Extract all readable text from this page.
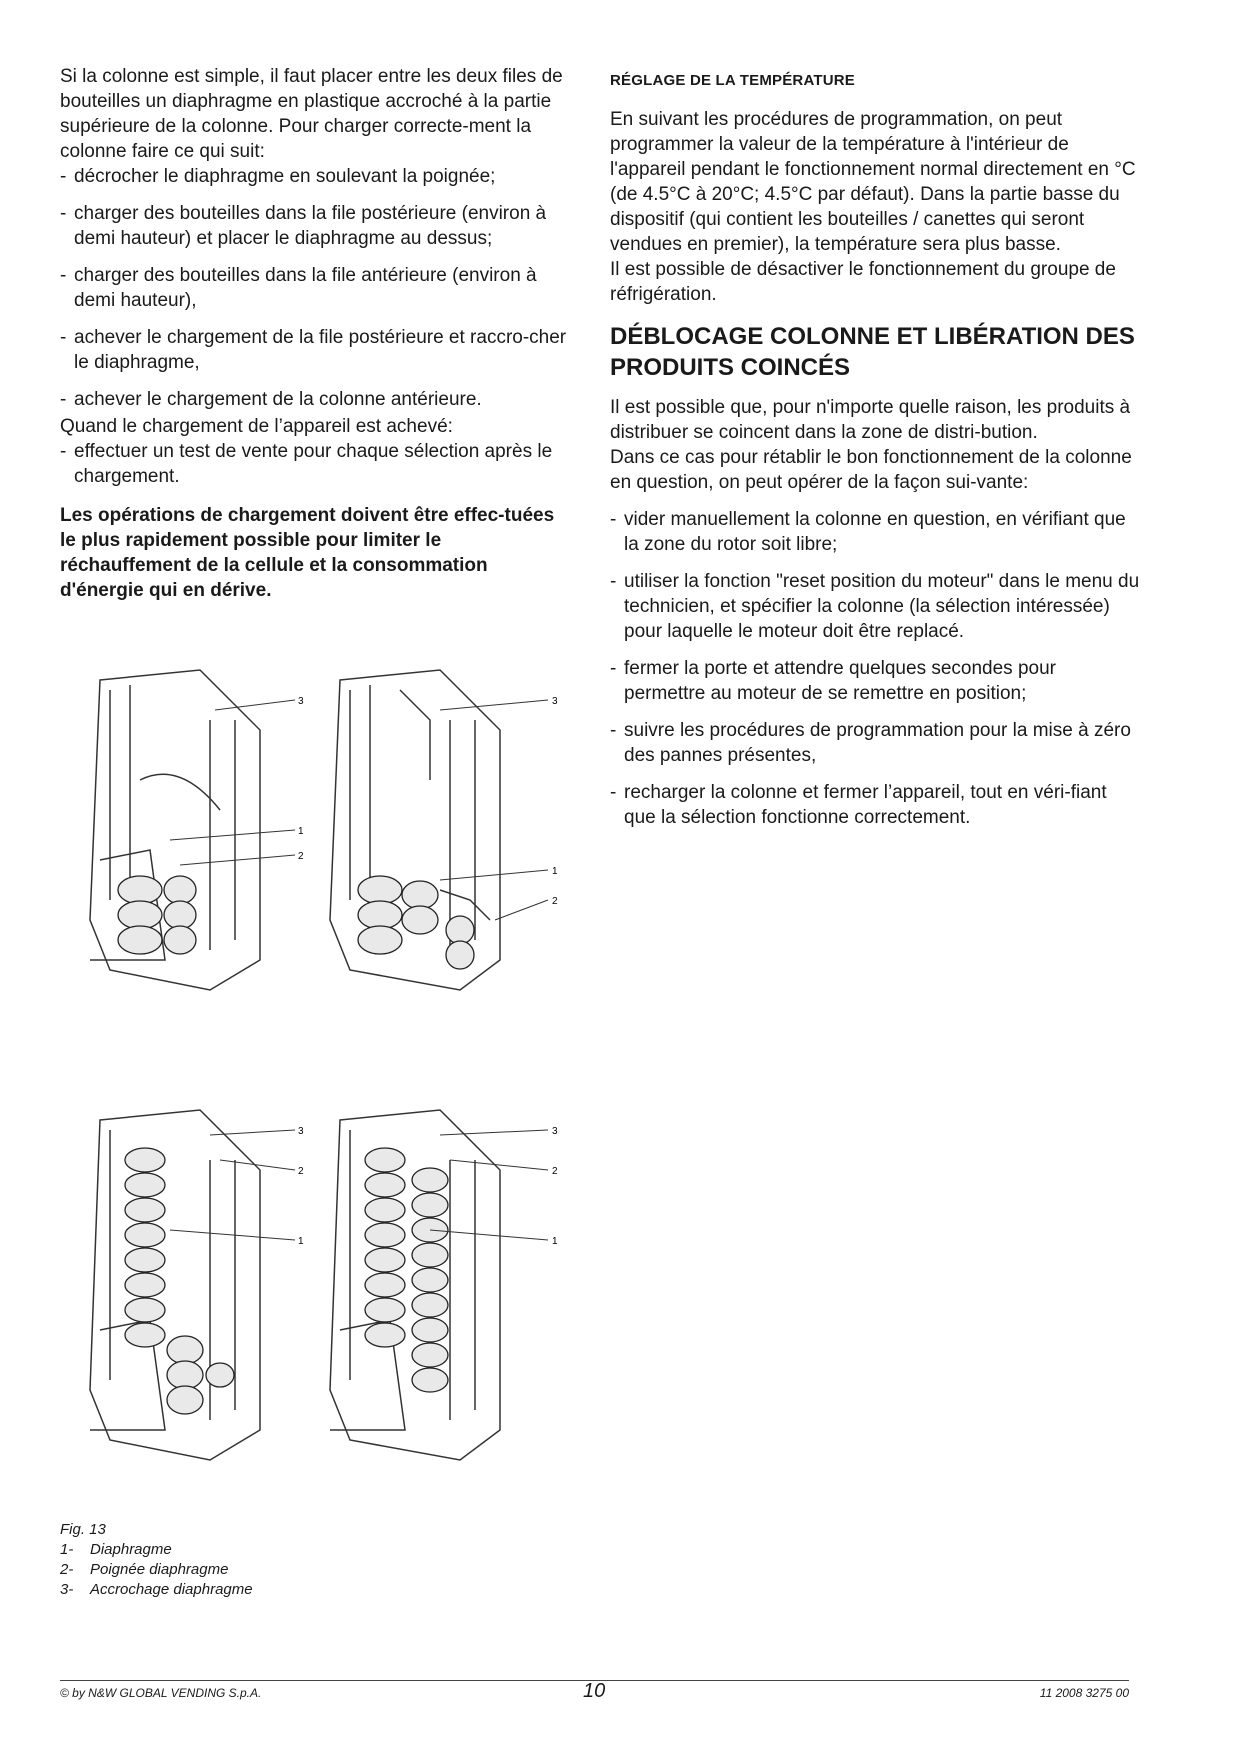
Si la colonne est simple, il faut placer entre les deux files de bouteilles un diaphragme en plastique accroché à la partie supérieure de la colonne. Pour charger correcte-ment la colonne faire ce qui suit:

- décrocher le diaphragme en soulevant la poignée;
- charger des bouteilles dans la file postérieure (environ à demi hauteur) et placer le diaphragme au dessus;
- charger des bouteilles dans la file antérieure (environ à demi hauteur),
- achever le chargement de la file postérieure et raccro-cher le diaphragme,
- achever le chargement de la colonne antérieure.

Quand le chargement de l’appareil est achevé:

- effectuer un test de vente pour chaque sélection après le chargement.

Les opérations de chargement doivent être effec-tuées le plus rapidement possible pour limiter le réchauffement de la cellule et la consommation d'énergie qui en dérive.

RÉGLAGE DE LA TEMPÉRATURE

En suivant les procédures de programmation, on peut programmer la valeur de la température à l'intérieur de l'appareil pendant le fonctionnement normal directement en °C (de 4.5°C à 20°C; 4.5°C par défaut). Dans la partie basse du dispositif (qui contient les bouteilles / canettes qui seront vendues en premier), la température sera plus basse.

Il est possible de désactiver le fonctionnement du groupe de réfrigération.

DÉBLOCAGE COLONNE ET LIBÉRATION DES PRODUITS COINCÉS

Il est possible que, pour n'importe quelle raison, les produits à distribuer se coincent dans la zone de distri-bution.

Dans ce cas pour rétablir le bon fonctionnement de la colonne en question, on peut opérer de la façon sui-vante:

- vider manuellement la colonne en question, en vérifiant que la zone du rotor soit libre;
- utiliser la fonction "reset position du moteur" dans le menu du technicien, et spécifier la colonne (la sélection intéressée) pour laquelle le moteur doit être replacé.
- fermer la porte et attendre quelques secondes pour permettre au moteur de se remettre en position;
- suivre les procédures de programmation pour la mise à zéro des pannes présentes,
- recharger la colonne et fermer l’appareil, tout en véri-fiant que la sélection fonctionne correctement.
3
1
2
3
1
2
3
2
1
3
2
1
Fig. 13
1-	Diaphragme
2-	Poignée diaphragme
3-	Accrochage diaphragme
© by N&W GLOBAL VENDING S.p.A.	10	11 2008 3275 00
